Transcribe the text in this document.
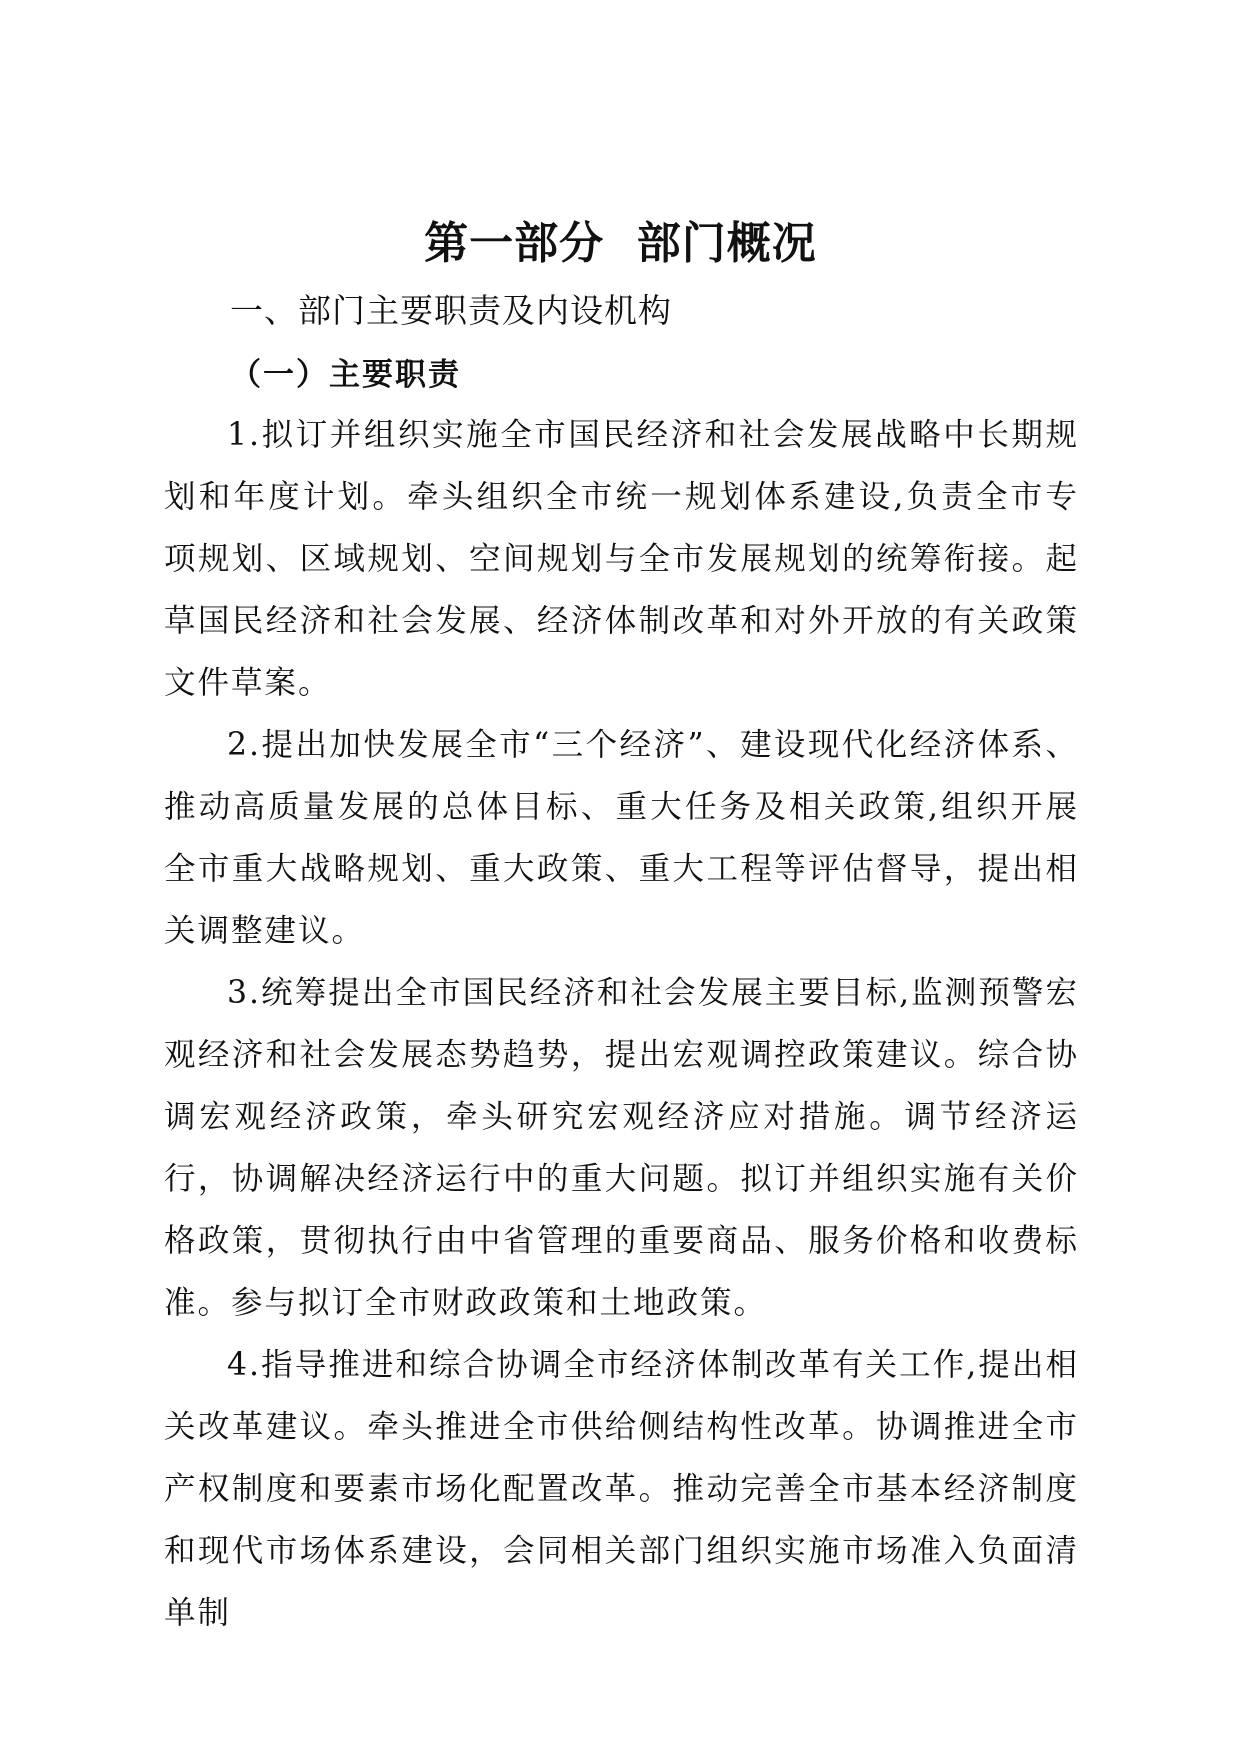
第一部分  部门概况
一、部门主要职责及内设机构
（一）主要职责

1.拟订并组织实施全市国民经济和社会发展战略中长期规划和年度计划。牵头组织全市统一规划体系建设,负责全市专项规划、区域规划、空间规划与全市发展规划的统筹衔接。起草国民经济和社会发展、经济体制改革和对外开放的有关政策文件草案。

2.提出加快发展全市“三个经济”、建设现代化经济体系、推动高质量发展的总体目标、重大任务及相关政策,组织开展全市重大战略规划、重大政策、重大工程等评估督导，提出相关调整建议。

3.统筹提出全市国民经济和社会发展主要目标,监测预警宏观经济和社会发展态势趋势，提出宏观调控政策建议。综合协调宏观经济政策，牵头研究宏观经济应对措施。调节经济运行，协调解决经济运行中的重大问题。拟订并组织实施有关价格政策，贯彻执行由中省管理的重要商品、服务价格和收费标准。参与拟订全市财政政策和土地政策。

4.指导推进和综合协调全市经济体制改革有关工作,提出相关改革建议。牵头推进全市供给侧结构性改革。协调推进全市产权制度和要素市场化配置改革。推动完善全市基本经济制度和现代市场体系建设，会同相关部门组织实施市场准入负面清单制
